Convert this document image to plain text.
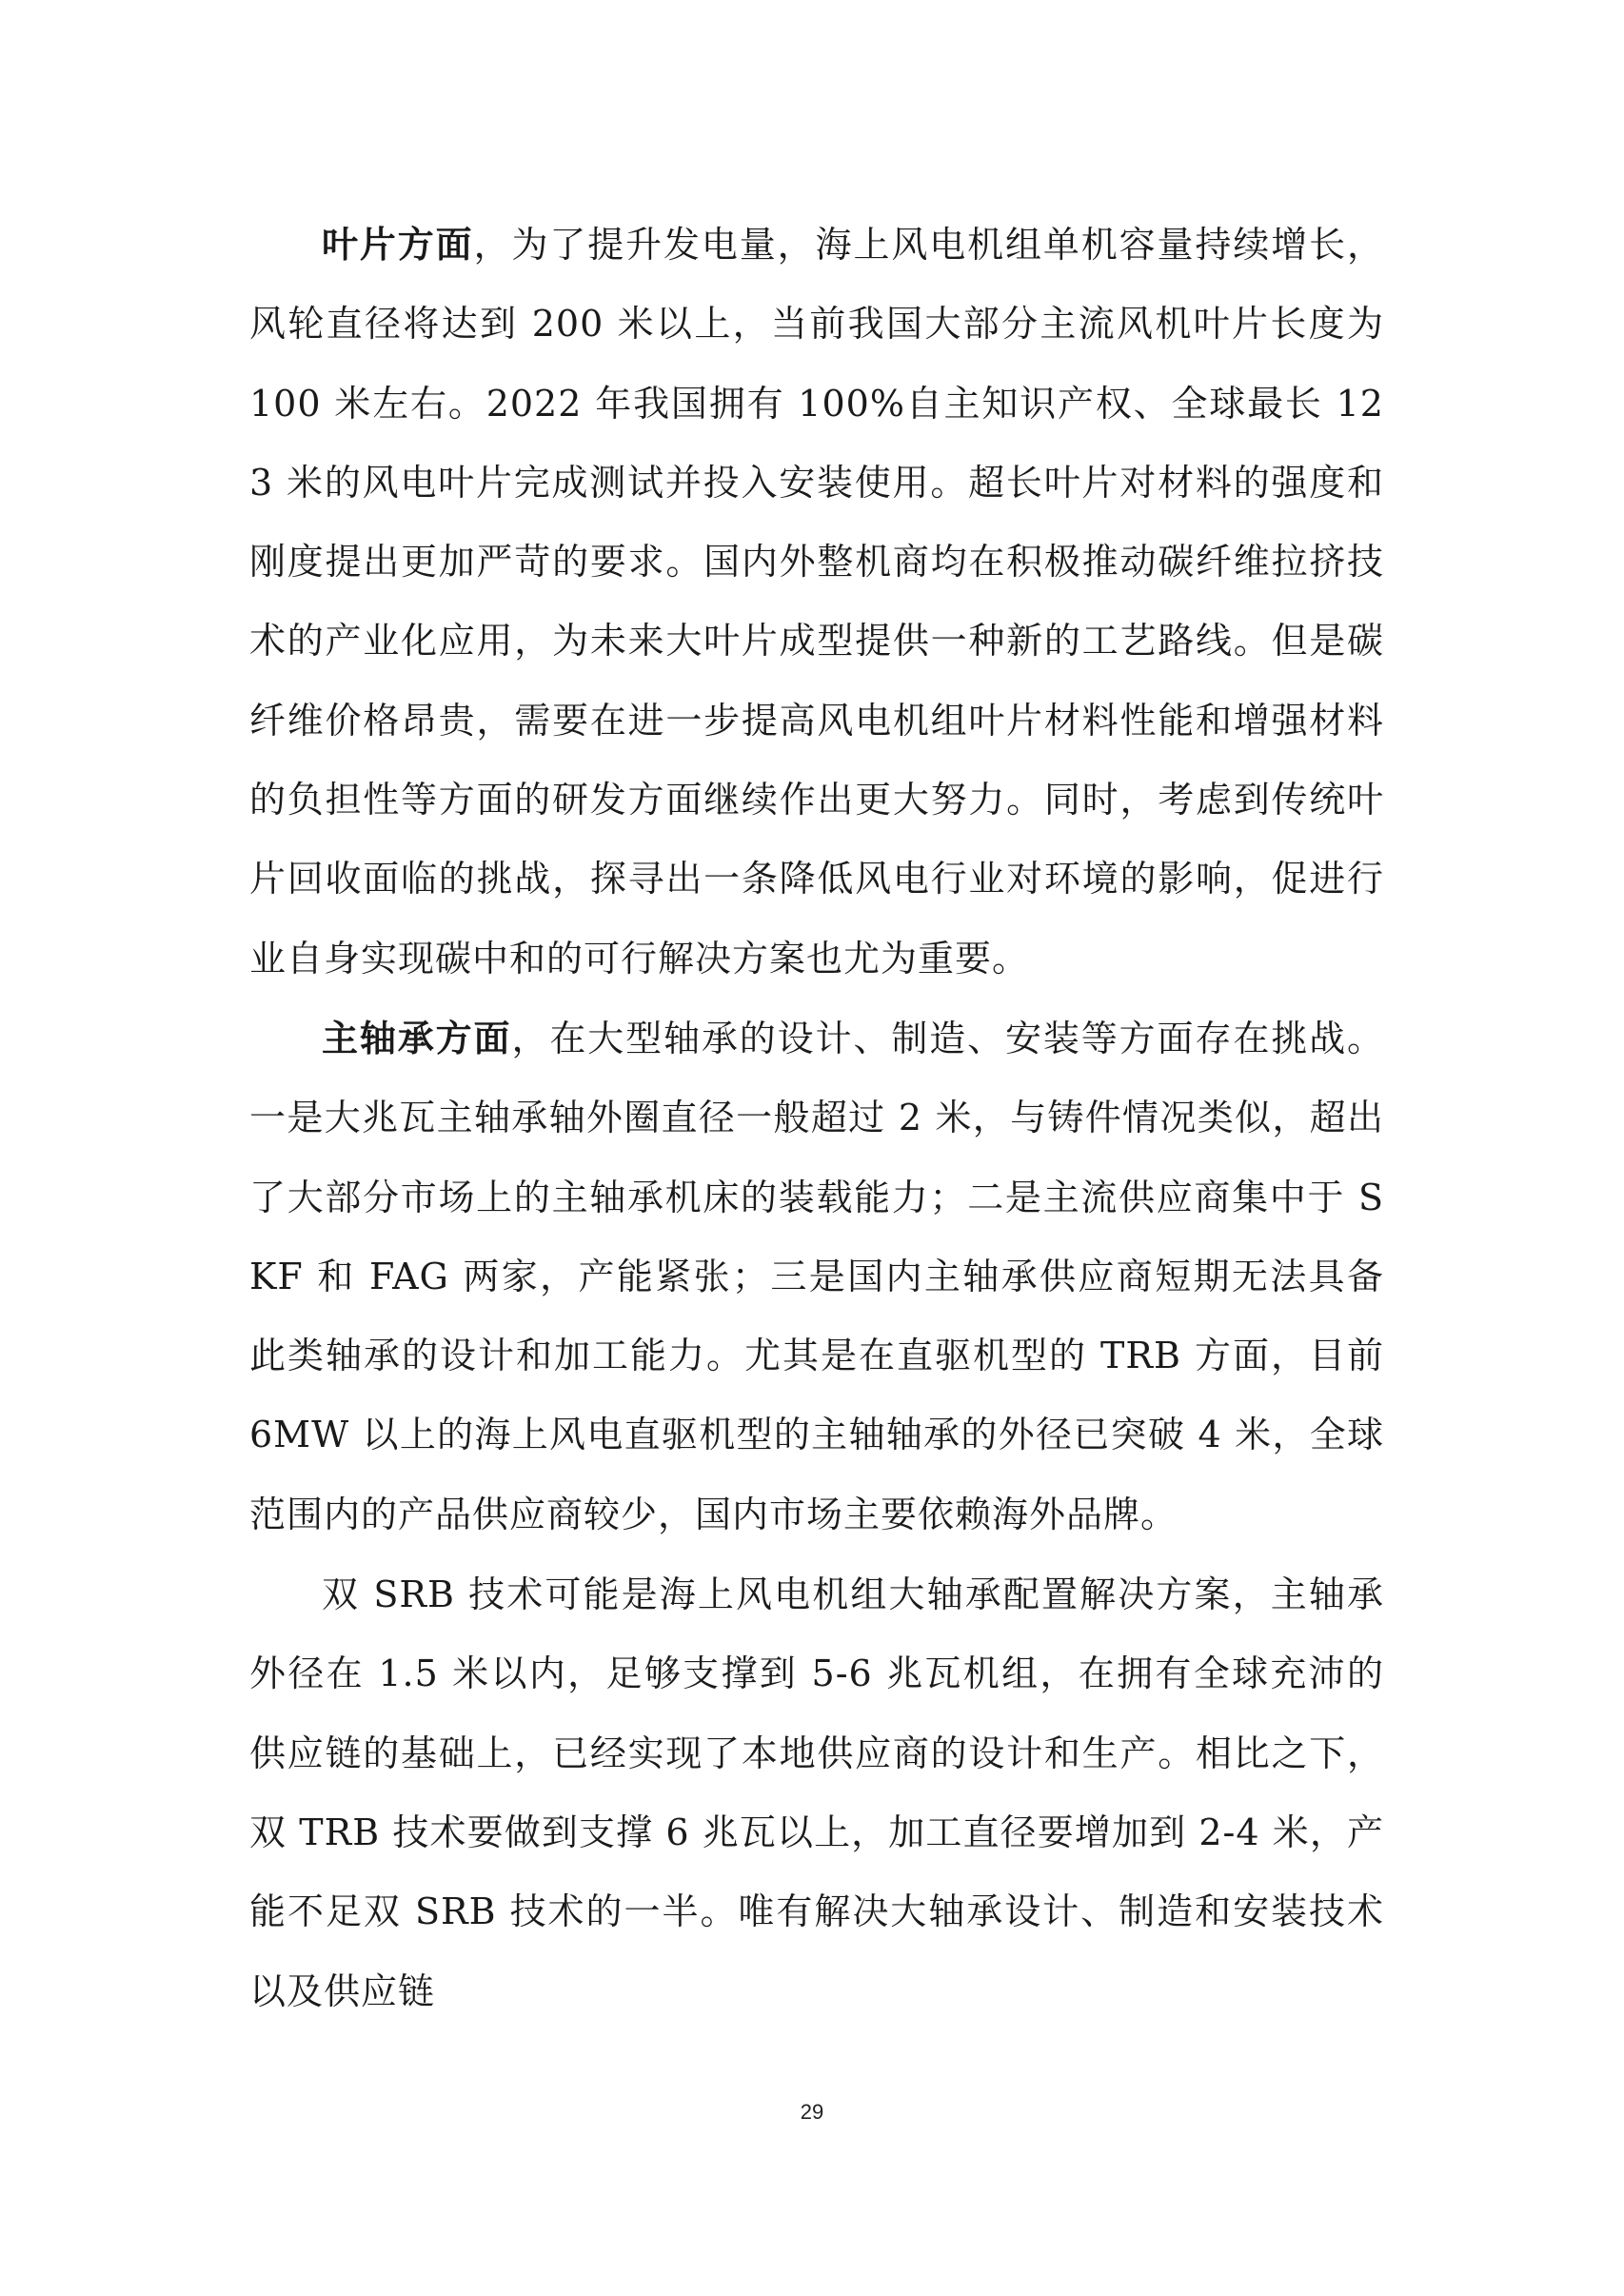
叶片方面，为了提升发电量，海上风电机组单机容量持续增长，风轮直径将达到 200 米以上，当前我国大部分主流风机叶片长度为 100 米左右。2022 年我国拥有 100%自主知识产权、全球最长 123 米的风电叶片完成测试并投入安装使用。超长叶片对材料的强度和刚度提出更加严苛的要求。国内外整机商均在积极推动碳纤维拉挤技术的产业化应用，为未来大叶片成型提供一种新的工艺路线。但是碳纤维价格昂贵，需要在进一步提高风电机组叶片材料性能和增强材料的负担性等方面的研发方面继续作出更大努力。同时，考虑到传统叶片回收面临的挑战，探寻出一条降低风电行业对环境的影响，促进行业自身实现碳中和的可行解决方案也尤为重要。

主轴承方面，在大型轴承的设计、制造、安装等方面存在挑战。一是大兆瓦主轴承轴外圈直径一般超过 2 米，与铸件情况类似，超出了大部分市场上的主轴承机床的装载能力；二是主流供应商集中于 SKF 和 FAG 两家，产能紧张；三是国内主轴承供应商短期无法具备此类轴承的设计和加工能力。尤其是在直驱机型的 TRB 方面，目前 6MW 以上的海上风电直驱机型的主轴轴承的外径已突破 4 米，全球范围内的产品供应商较少，国内市场主要依赖海外品牌。

双 SRB 技术可能是海上风电机组大轴承配置解决方案，主轴承外径在 1.5 米以内，足够支撑到 5-6 兆瓦机组，在拥有全球充沛的供应链的基础上，已经实现了本地供应商的设计和生产。相比之下，双 TRB 技术要做到支撑 6 兆瓦以上，加工直径要增加到 2-4 米，产能不足双 SRB 技术的一半。唯有解决大轴承设计、制造和安装技术以及供应链

29
